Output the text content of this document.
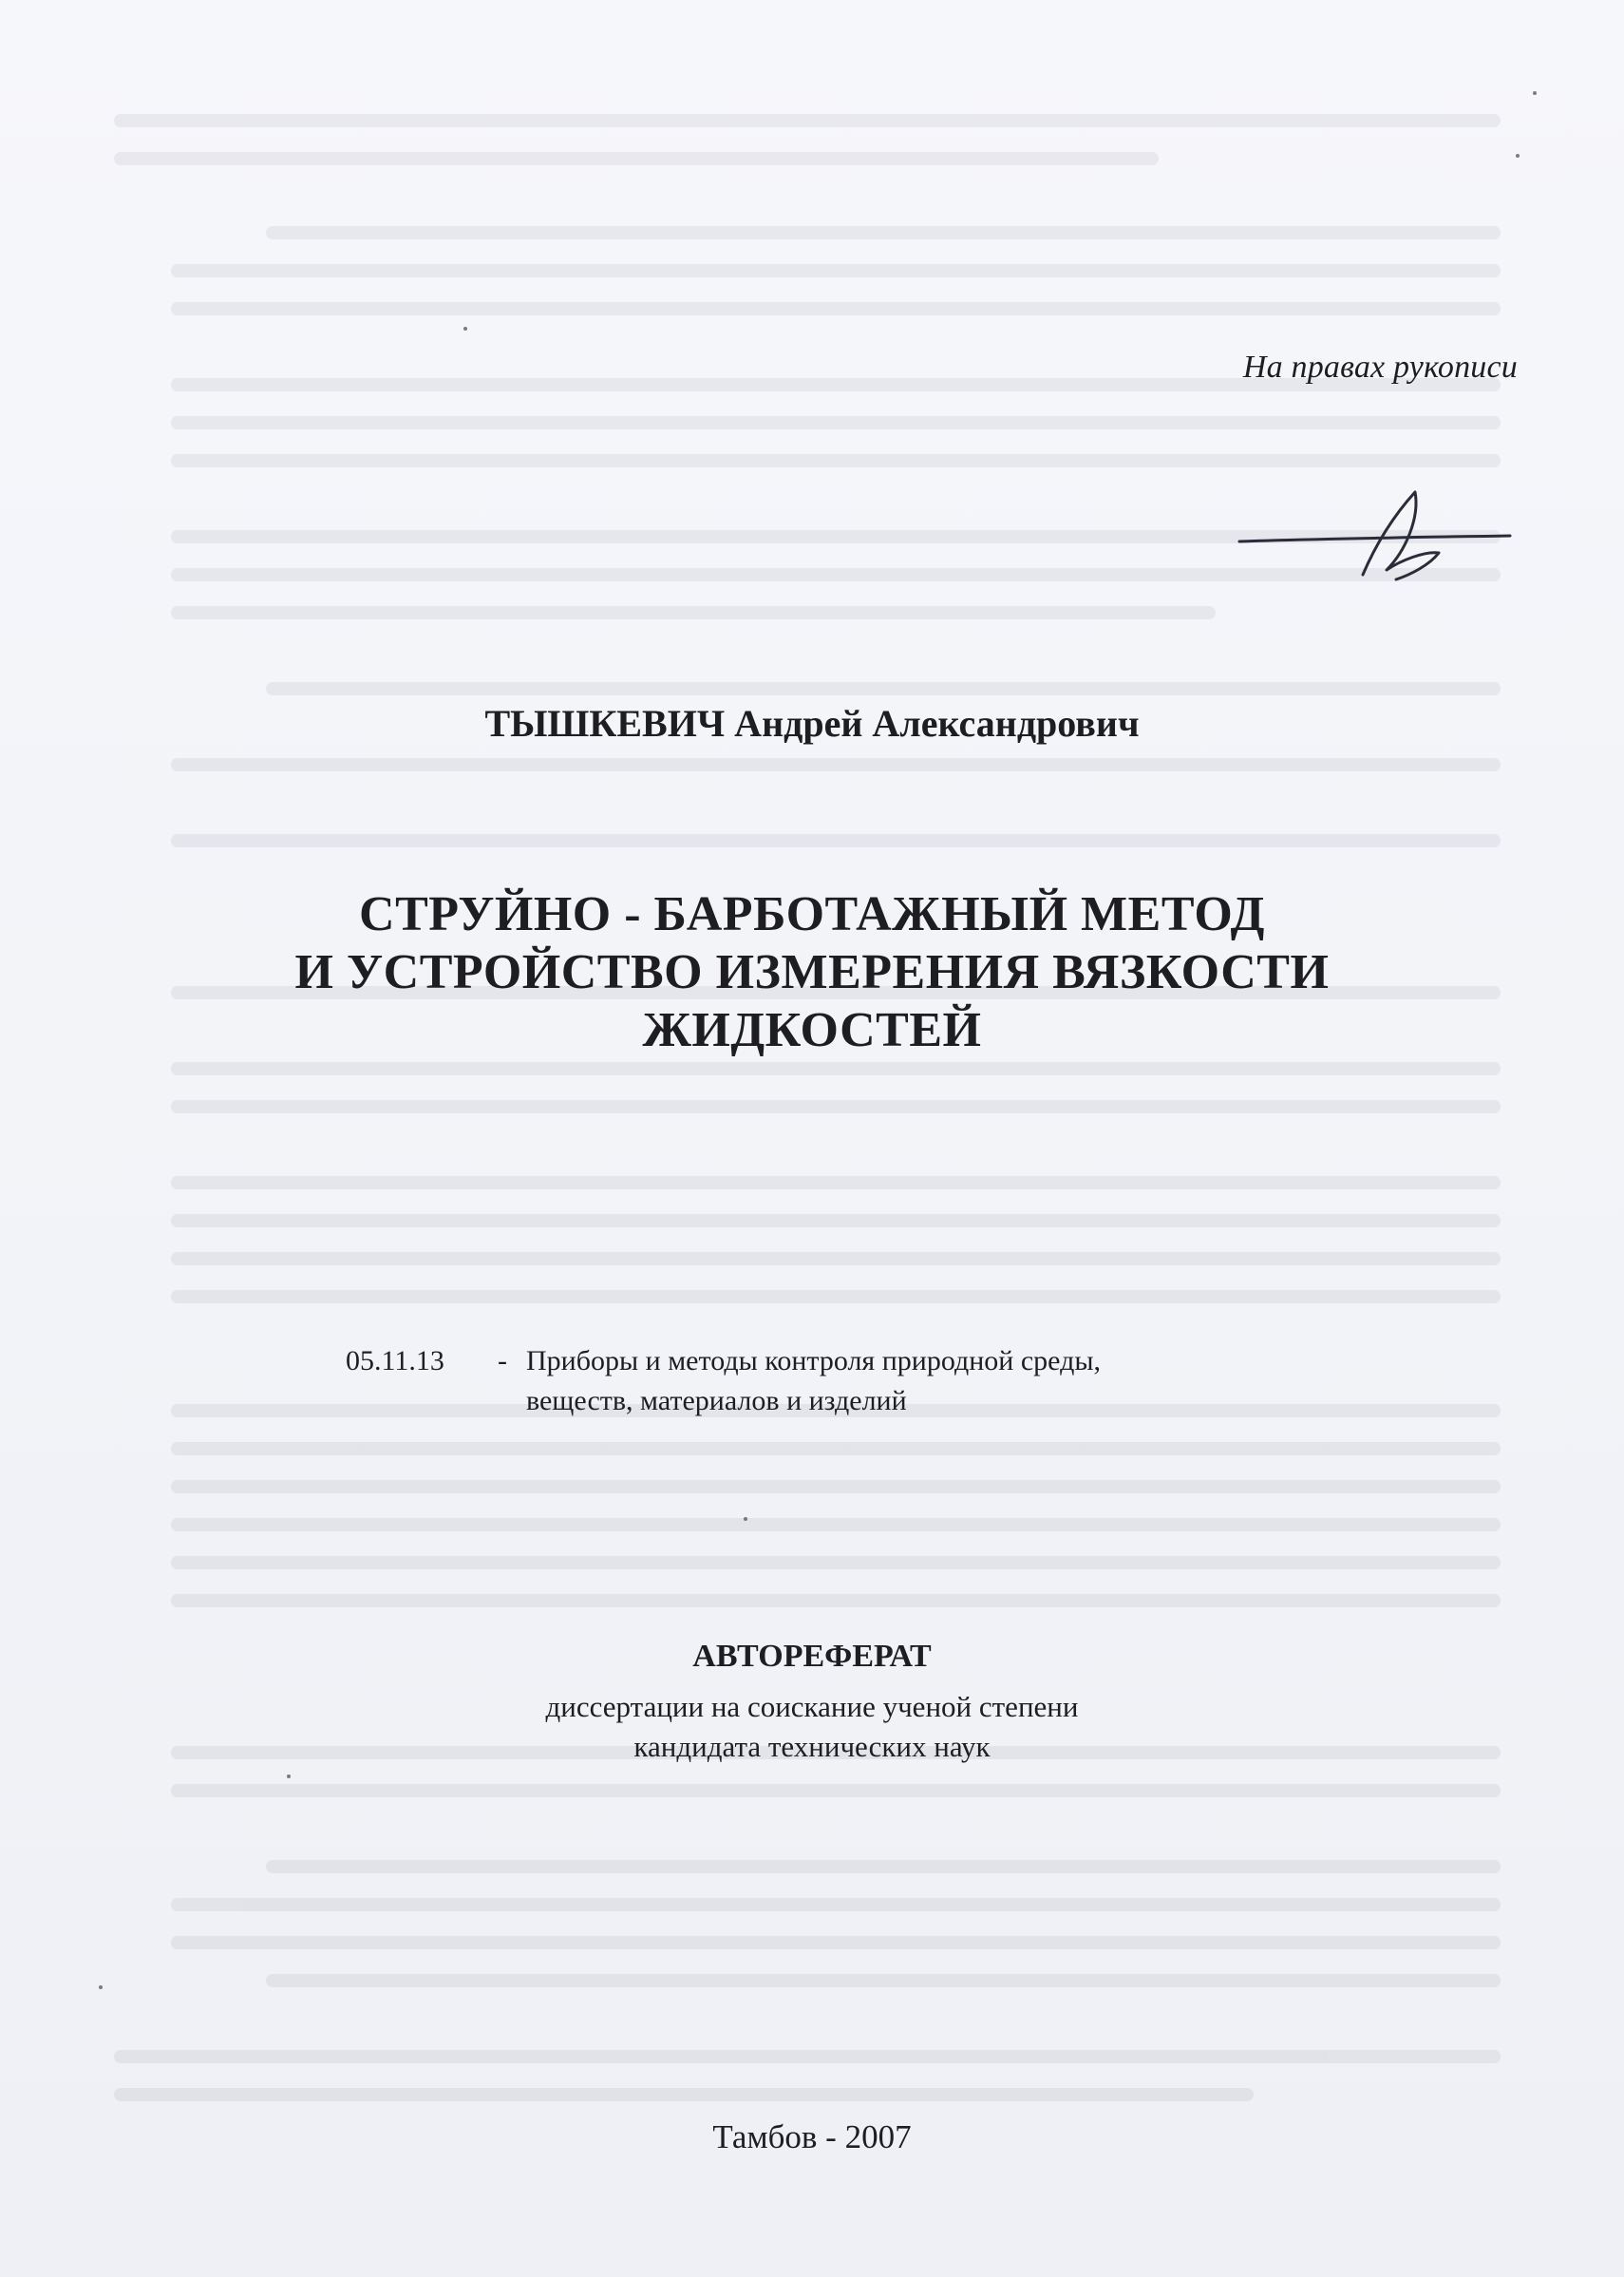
На правах рукописи
ТЫШКЕВИЧ Андрей Александрович
СТРУЙНО - БАРБОТАЖНЫЙ МЕТОД
И УСТРОЙСТВО ИЗМЕРЕНИЯ ВЯЗКОСТИ
ЖИДКОСТЕЙ
05.11.13 - Приборы и методы контроля природной среды,
веществ, материалов и изделий
АВТОРЕФЕРАТ
диссертации на соискание ученой степени
кандидата технических наук
Тамбов - 2007
